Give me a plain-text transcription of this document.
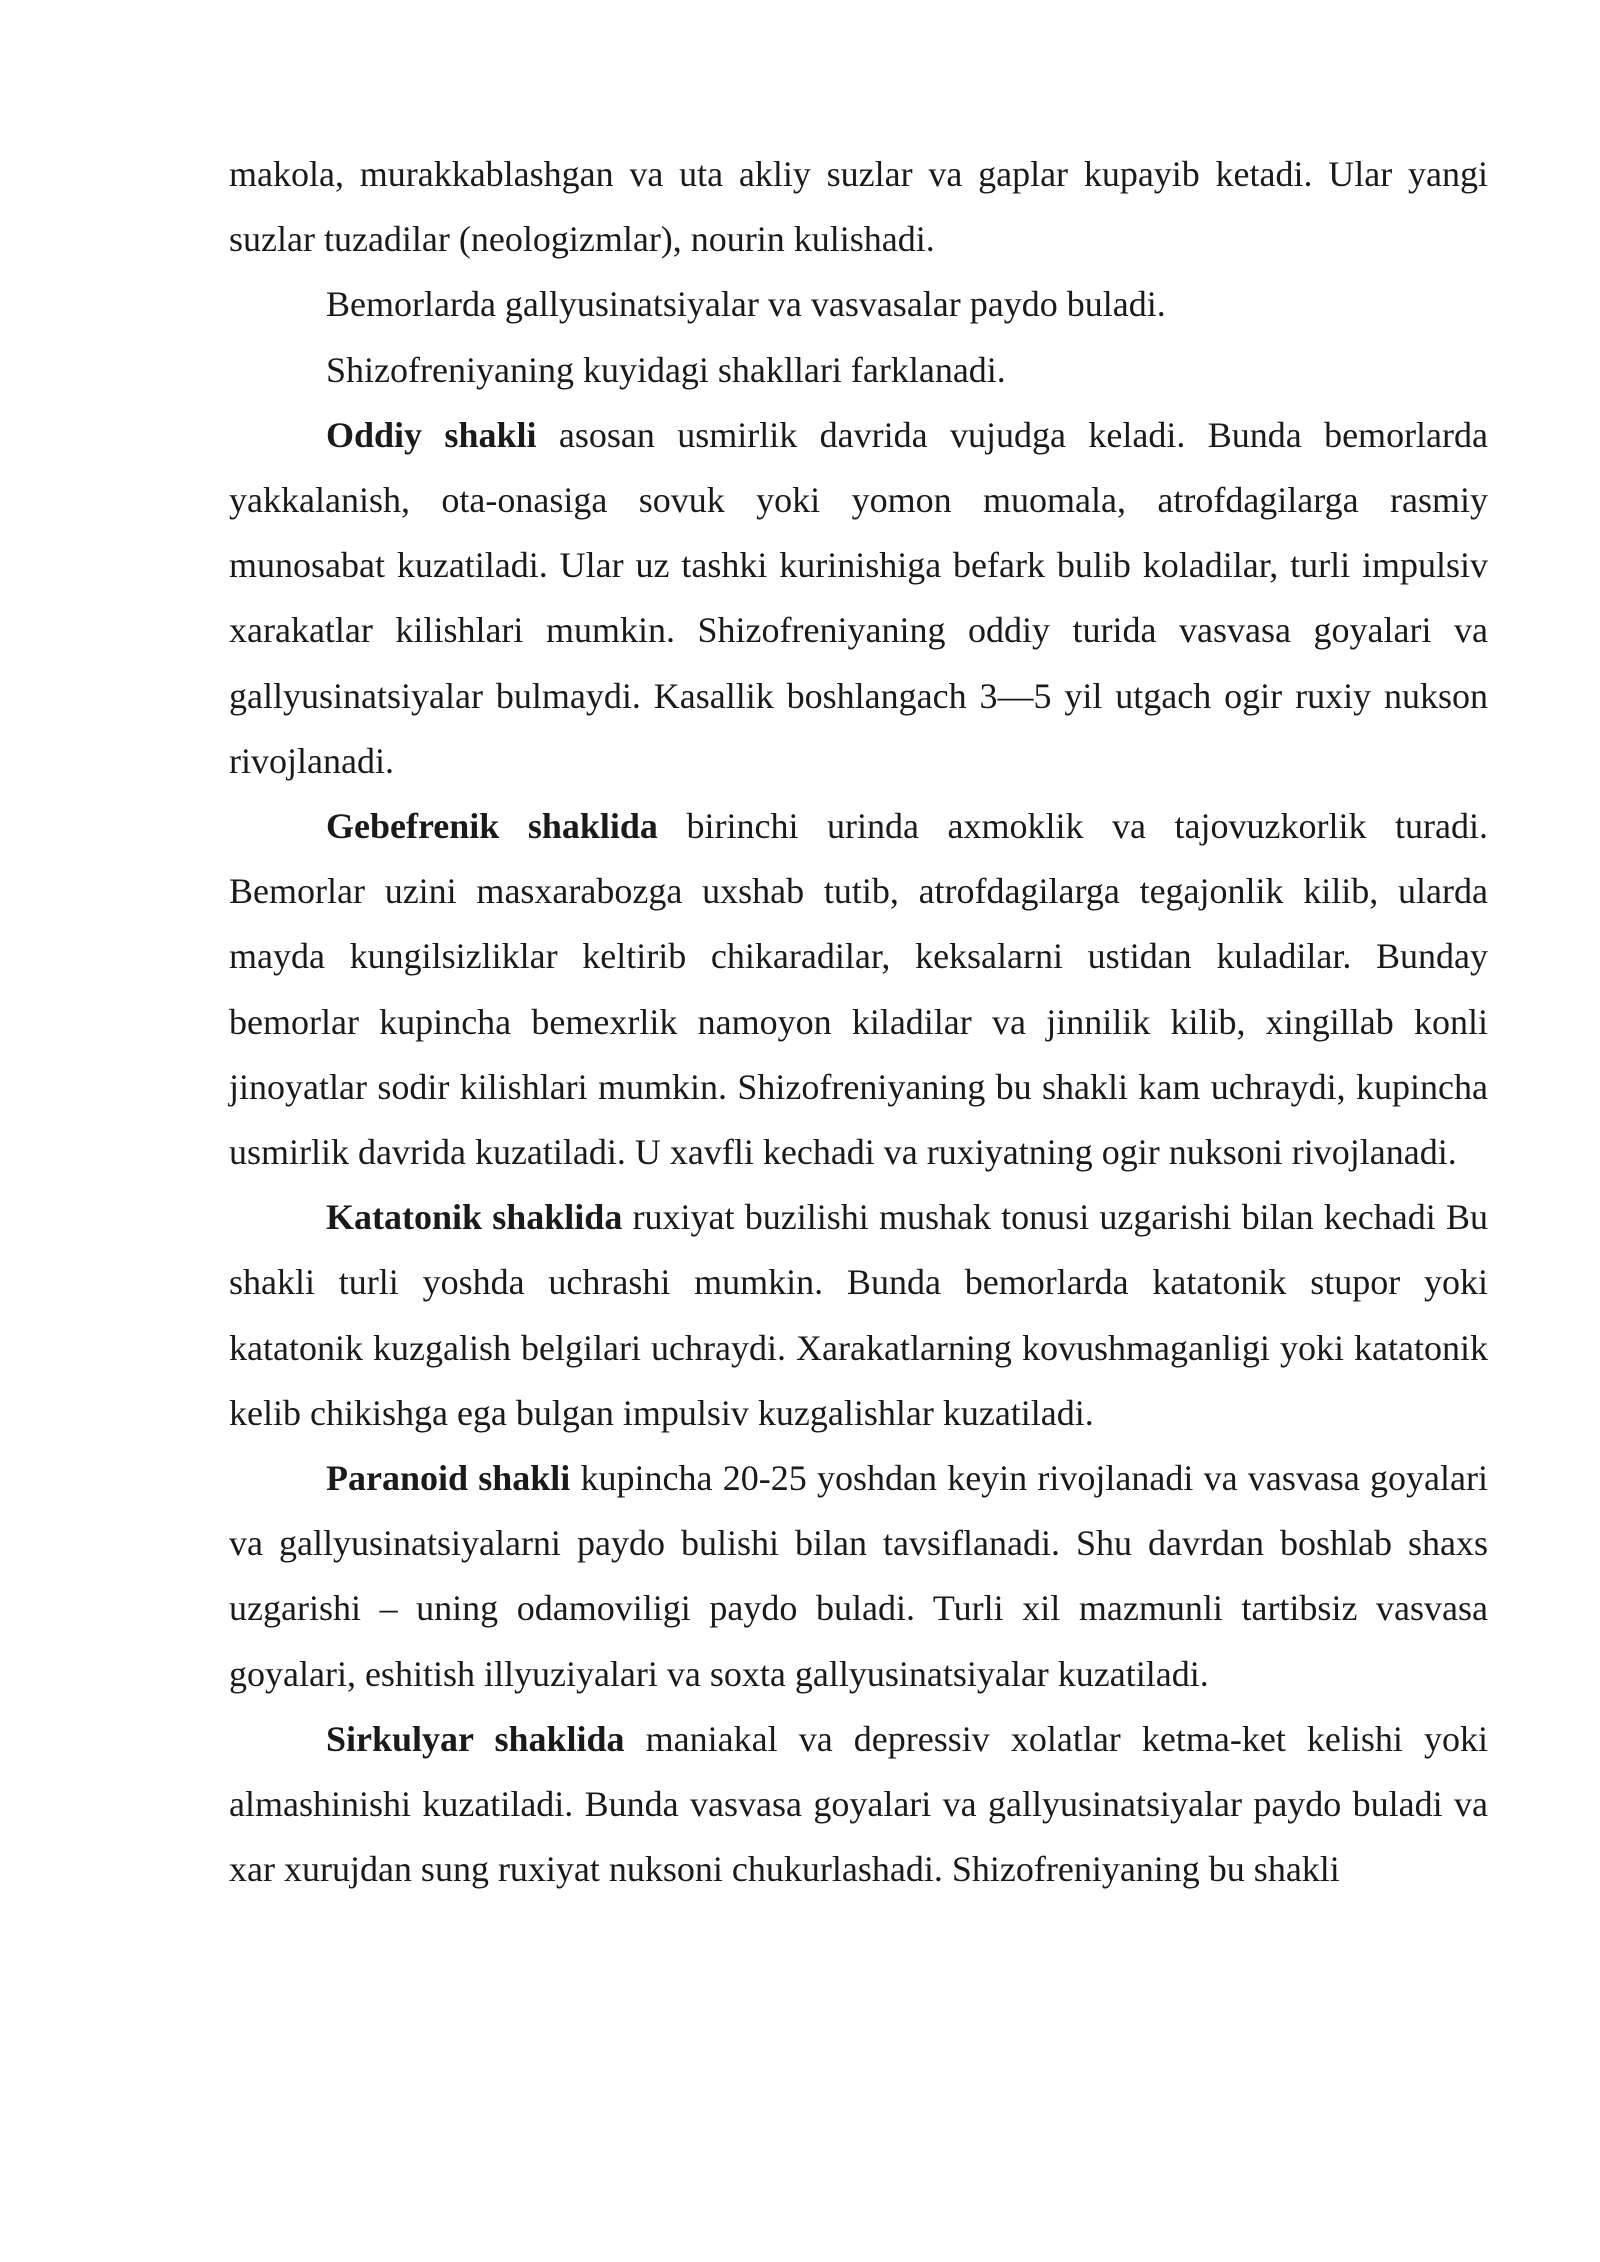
makola, murakkablashgan va uta akliy suzlar va gaplar kupayib ketadi. Ular yangi suzlar tuzadilar (neologizmlar), nourin kulishadi.

Bemorlarda gallyusinatsiyalar va vasvasalar paydo buladi.

Shizofreniyaning kuyidagi shakllari farklanadi.

Oddiy shakli asosan usmirlik davrida vujudga keladi. Bunda bemorlarda yakkalanish, ota-onasiga sovuk yoki yomon muomala, atrofdagilarga rasmiy munosabat kuzatiladi. Ular uz tashki kurinishiga befark bulib koladilar, turli impulsiv xarakatlar kilishlari mumkin. Shizofreniyaning oddiy turida vasvasa goyalari va gallyusinatsiyalar bulmaydi. Kasallik boshlangach 3—5 yil utgach ogir ruxiy nukson rivojlanadi.

Gebefrenik shaklida birinchi urinda axmoklik va tajovuzkorlik turadi. Bemorlar uzini masxarabozga uxshab tutib, atrofdagilarga tegajonlik kilib, ularda mayda kungilsizliklar keltirib chikaradilar, keksalarni ustidan kuladilar. Bunday bemorlar kupincha bemexrlik namoyon kiladilar va jinnilik kilib, xingillab konli jinoyatlar sodir kilishlari mumkin. Shizofreniyaning bu shakli kam uchraydi, kupincha usmirlik davrida kuzatiladi. U xavfli kechadi va ruxiyatning ogir nuksoni rivojlanadi.

Katatonik shaklida ruxiyat buzilishi mushak tonusi uzgarishi bilan kechadi Bu shakli turli yoshda uchrashi mumkin. Bunda bemorlarda katatonik stupor yoki katatonik kuzgalish belgilari uchraydi. Xarakatlarning kovushmaganligi yoki katatonik kelib chikishga ega bulgan impulsiv kuzgalishlar kuzatiladi.

Paranoid shakli kupincha 20-25 yoshdan keyin rivojlanadi va vasvasa goyalari va gallyusinatsiyalarni paydo bulishi bilan tavsiflanadi. Shu davrdan boshlab shaxs uzgarishi – uning odamoviligi paydo buladi. Turli xil mazmunli tartibsiz vasvasa goyalari, eshitish illyuziyalari va soxta gallyusinatsiyalar kuzatiladi.

Sirkulyar shaklida maniakal va depressiv xolatlar ketma-ket kelishi yoki almashinishi kuzatiladi. Bunda vasvasa goyalari va gallyusinatsiyalar paydo buladi va xar xurujdan sung ruxiyat nuksoni chukurlashadi. Shizofreniyaning bu shakli
